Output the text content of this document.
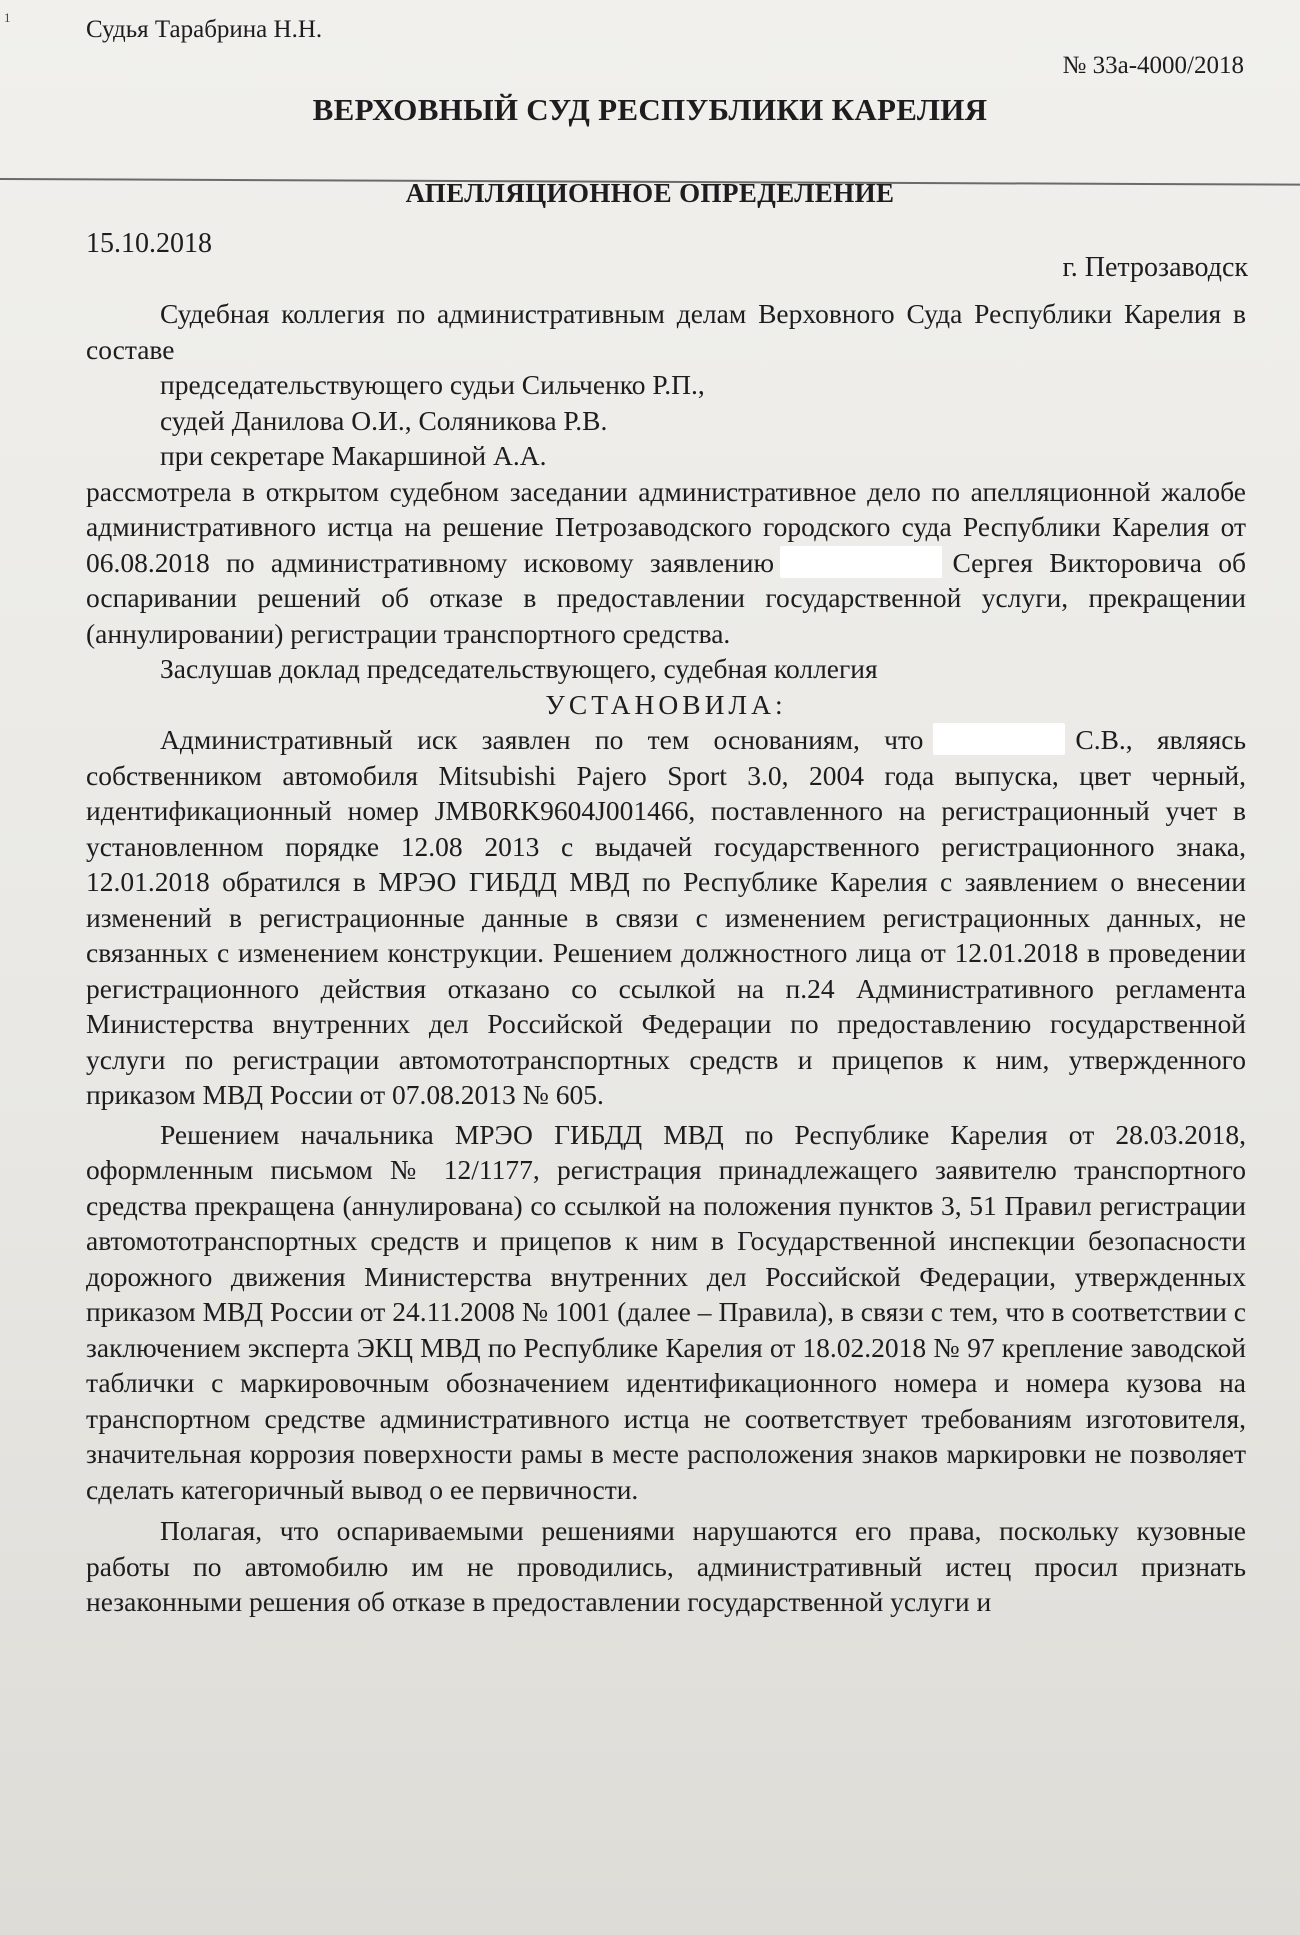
1	Судья Тарабрина Н.Н.
№ 33а-4000/2018
ВЕРХОВНЫЙ СУД РЕСПУБЛИКИ КАРЕЛИЯ
АПЕЛЛЯЦИОННОЕ ОПРЕДЕЛЕНИЕ
15.10.2018
г. Петрозаводск

Судебная коллегия по административным делам Верховного Суда Республики Карелия в составе

председательствующего судьи Сильченко Р.П.,

судей Данилова О.И., Соляникова Р.В.

при секретаре Макаршиной А.А.

рассмотрела в открытом судебном заседании административное дело по апелляционной жалобе административного истца на решение Петрозаводского городского суда Республики Карелия от 06.08.2018 по административному исковому заявлению	Сергея Викторовича об оспаривании решений об отказе в предоставлении государственной услуги, прекращении (аннулировании) регистрации транспортного средства.

Заслушав доклад председательствующего, судебная коллегия

УСТАНОВИЛА:

Административный иск заявлен по тем основаниям, что	С.В., являясь собственником автомобиля Mitsubishi Pajero Sport 3.0, 2004 года выпуска, цвет черный, идентификационный номер JMB0RK9604J001466, поставленного на регистрационный учет в установленном порядке 12.08 2013 с выдачей государственного регистрационного знака, 12.01.2018 обратился в МРЭО ГИБДД МВД по Республике Карелия с заявлением о внесении изменений в регистрационные данные в связи с изменением регистрационных данных, не связанных с изменением конструкции. Решением должностного лица от 12.01.2018 в проведении регистрационного действия отказано со ссылкой на п.24 Административного регламента Министерства внутренних дел Российской Федерации по предоставлению государственной услуги по регистрации автомототранспортных средств и прицепов к ним, утвержденного приказом МВД России от 07.08.2013 № 605.

Решением начальника МРЭО ГИБДД МВД по Республике Карелия от 28.03.2018, оформленным письмом № 12/1177, регистрация принадлежащего заявителю транспортного средства прекращена (аннулирована) со ссылкой на положения пунктов 3, 51 Правил регистрации автомототранспортных средств и прицепов к ним в Государственной инспекции безопасности дорожного движения Министерства внутренних дел Российской Федерации, утвержденных приказом МВД России от 24.11.2008 № 1001 (далее – Правила), в связи с тем, что в соответствии с заключением эксперта ЭКЦ МВД по Республике Карелия от 18.02.2018 № 97 крепление заводской таблички с маркировочным обозначением идентификационного номера и номера кузова на транспортном средстве административного истца не соответствует требованиям изготовителя, значительная коррозия поверхности рамы в месте расположения знаков маркировки не позволяет сделать категоричный вывод о ее первичности.

Полагая, что оспариваемыми решениями нарушаются его права, поскольку кузовные работы по автомобилю им не проводились, административный истец просил признать незаконными решения об отказе в предоставлении государственной услуги и
